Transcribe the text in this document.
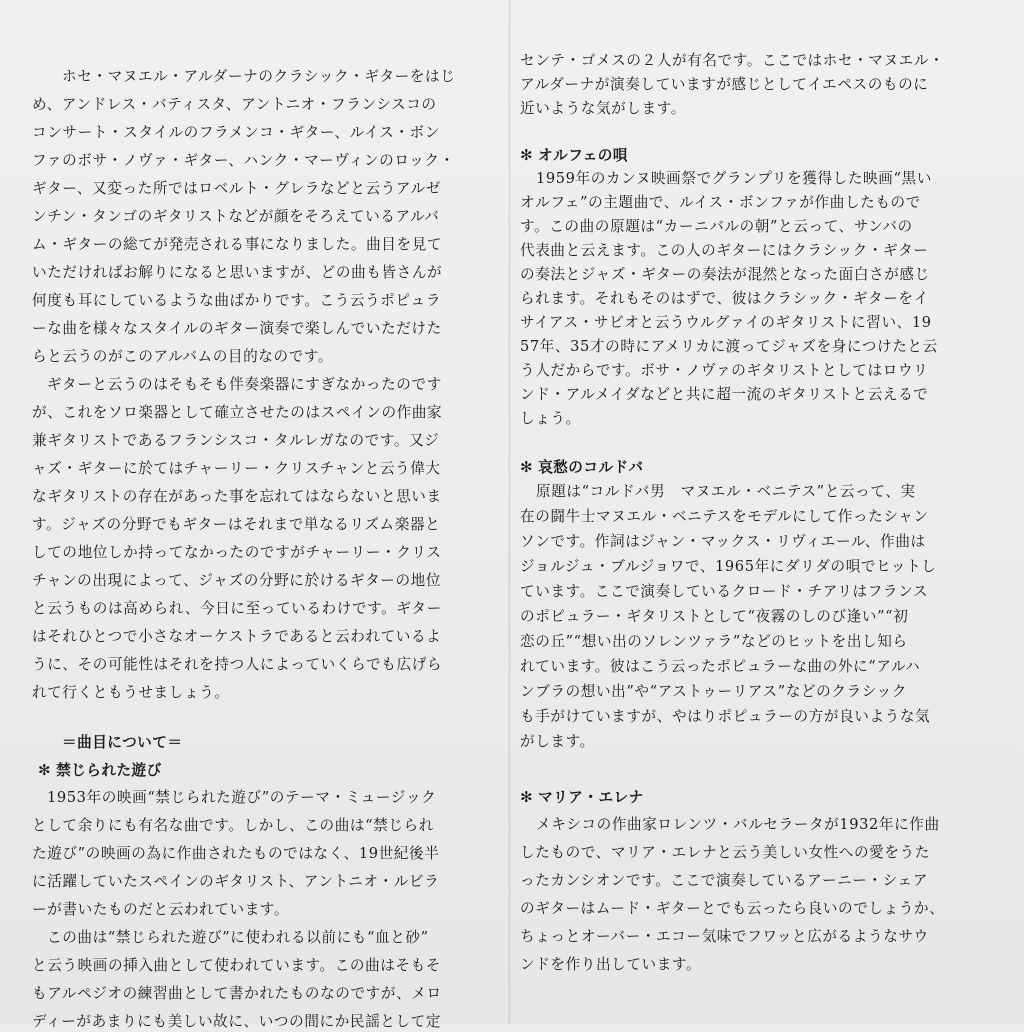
ホセ・マヌエル・アルダーナのクラシック・ギターをはじ
め、アンドレス・バティスタ、アントニオ・フランシスコの
コンサート・スタイルのフラメンコ・ギター、ルイス・ボン
ファのボサ・ノヴァ・ギター、ハンク・マーヴィンのロック・
ギター、又変った所ではロベルト・グレラなどと云うアルゼ
ンチン・タンゴのギタリストなどが顔をそろえているアルバ
ム・ギターの総てが発売される事になりました。曲目を見て
いただければお解りになると思いますが、どの曲も皆さんが
何度も耳にしているような曲ばかりです。こう云うポピュラ
ーな曲を様々なスタイルのギター演奏で楽しんでいただけた
らと云うのがこのアルバムの目的なのです。
ギターと云うのはそもそも伴奏楽器にすぎなかったのです
が、これをソロ楽器として確立させたのはスペインの作曲家
兼ギタリストであるフランシスコ・タルレガなのです。又ジ
ャズ・ギターに於てはチャーリー・クリスチャンと云う偉大
なギタリストの存在があった事を忘れてはならないと思いま
す。ジャズの分野でもギターはそれまで単なるリズム楽器と
しての地位しか持ってなかったのですがチャーリー・クリス
チャンの出現によって、ジャズの分野に於けるギターの地位
と云うものは高められ、今日に至っているわけです。ギター
はそれひとつで小さなオーケストラであると云われているよ
うに、その可能性はそれを持つ人によっていくらでも広げら
れて行くともうせましょう。
＝曲目について＝
✻ 禁じられた遊び
1953年の映画“禁じられた遊び”のテーマ・ミュージック
として余りにも有名な曲です。しかし、この曲は“禁じられ
た遊び”の映画の為に作曲されたものではなく、19世紀後半
に活躍していたスペインのギタリスト、アントニオ・ルビラ
ーが書いたものだと云われています。
この曲は“禁じられた遊び”に使われる以前にも“血と砂”
と云う映画の挿入曲として使われています。この曲はそもそ
もアルペジオの練習曲として書かれたものなのですが、メロ
ディーがあまりにも美しい故に、いつの間にか民謡として定
センテ・ゴメスの２人が有名です。ここではホセ・マヌエル・
アルダーナが演奏していますが感じとしてイエペスのものに
近いような気がします。
✻ オルフェの唄
1959年のカンヌ映画祭でグランプリを獲得した映画“黒い
オルフェ”の主題曲で、ルイス・ボンファが作曲したもので
す。この曲の原題は“カーニバルの朝”と云って、サンバの
代表曲と云えます。この人のギターにはクラシック・ギター
の奏法とジャズ・ギターの奏法が混然となった面白さが感じ
られます。それもそのはずで、彼はクラシック・ギターをイ
サイアス・サビオと云うウルグァイのギタリストに習い、19
57年、35才の時にアメリカに渡ってジャズを身につけたと云
う人だからです。ボサ・ノヴァのギタリストとしてはロウリ
ンド・アルメイダなどと共に超一流のギタリストと云えるで
しょう。
✻ 哀愁のコルドバ
原題は“コルドバ男　マヌエル・ベニテス”と云って、実
在の闘牛士マヌエル・ベニテスをモデルにして作ったシャン
ソンです。作詞はジャン・マックス・リヴィエール、作曲は
ジョルジュ・ブルジョワで、1965年にダリダの唄でヒットし
ています。ここで演奏しているクロード・チアリはフランス
のポピュラー・ギタリストとして“夜霧のしのび逢い”“初
恋の丘”“想い出のソレンツァラ”などのヒットを出し知ら
れています。彼はこう云ったポピュラーな曲の外に“アルハ
ンブラの想い出”や“アストゥーリアス”などのクラシック
も手がけていますが、やはりポピュラーの方が良いような気
がします。
✻ マリア・エレナ
メキシコの作曲家ロレンツ・バルセラータが1932年に作曲
したもので、マリア・エレナと云う美しい女性への愛をうた
ったカンシオンです。ここで演奏しているアーニー・シェア
のギターはムード・ギターとでも云ったら良いのでしょうか、
ちょっとオーバー・エコー気味でフワッと広がるようなサウ
ンドを作り出しています。
